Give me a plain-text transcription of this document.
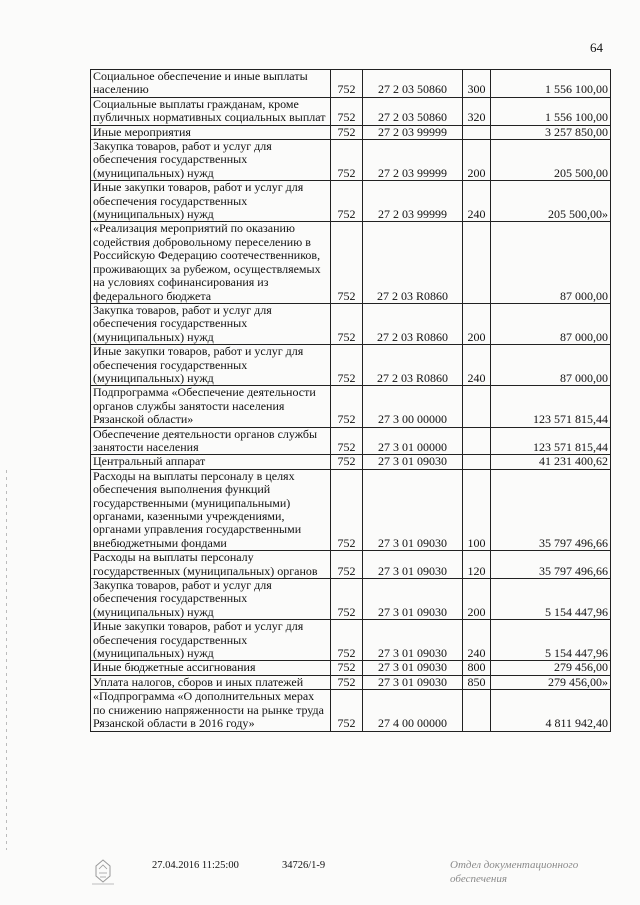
64
Социальное обеспечение и иные выплаты населению	752	27 2 03 50860	300	1 556 100,00
Социальные выплаты гражданам, кроме публичных нормативных социальных выплат	752	27 2 03 50860	320	1 556 100,00
Иные мероприятия	752	27 2 03 99999		3 257 850,00
Закупка товаров, работ и услуг для обеспечения государственных (муниципальных) нужд	752	27 2 03 99999	200	205 500,00
Иные закупки товаров, работ и услуг для обеспечения государственных (муниципальных) нужд	752	27 2 03 99999	240	205 500,00»
«Реализация мероприятий по оказанию содействия добровольному переселению в Российскую Федерацию соотечественников, проживающих за рубежом, осуществляемых на условиях софинансирования из федерального бюджета	752	27 2 03 R0860		87 000,00
Закупка товаров, работ и услуг для обеспечения государственных (муниципальных) нужд	752	27 2 03 R0860	200	87 000,00
Иные закупки товаров, работ и услуг для обеспечения государственных (муниципальных) нужд	752	27 2 03 R0860	240	87 000,00
Подпрограмма «Обеспечение деятельности органов службы занятости населения Рязанской области»	752	27 3 00 00000		123 571 815,44
Обеспечение деятельности органов службы занятости населения	752	27 3 01 00000		123 571 815,44
Центральный аппарат	752	27 3 01 09030		41 231 400,62
Расходы на выплаты персоналу в целях обеспечения выполнения функций государственными (муниципальными) органами, казенными учреждениями, органами управления государственными внебюджетными фондами	752	27 3 01 09030	100	35 797 496,66
Расходы на выплаты персоналу государственных (муниципальных) органов	752	27 3 01 09030	120	35 797 496,66
Закупка товаров, работ и услуг для обеспечения государственных (муниципальных) нужд	752	27 3 01 09030	200	5 154 447,96
Иные закупки товаров, работ и услуг для обеспечения государственных (муниципальных) нужд	752	27 3 01 09030	240	5 154 447,96
Иные бюджетные ассигнования	752	27 3 01 09030	800	279 456,00
Уплата налогов, сборов и иных платежей	752	27 3 01 09030	850	279 456,00»
«Подпрограмма «О дополнительных мерах по снижению напряженности на рынке труда Рязанской области в 2016 году»	752	27 4 00 00000		4 811 942,40
27.04.2016 11:25:00	34726/1-9	Отдел документационного обеспечения
